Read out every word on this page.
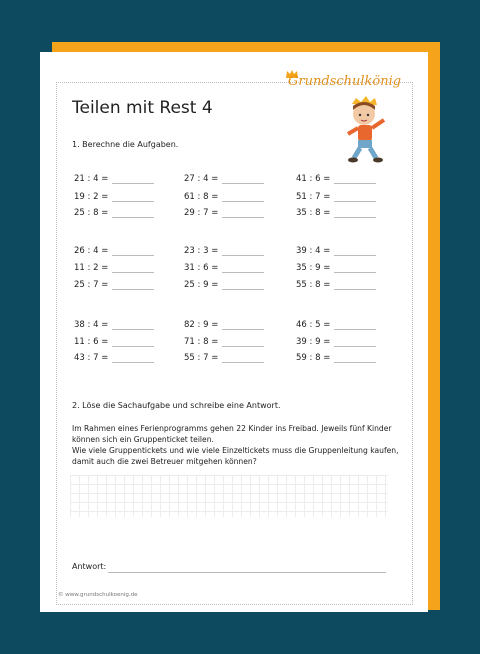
Grundschulkönig
Teilen mit Rest 4
1. Berechne die Aufgaben.
21 : 4 =	27 : 4 =	41 : 6 =
19 : 2 =	61 : 8 =	51 : 7 =
25 : 8 =	29 : 7 =	35 : 8 =
26 : 4 =	23 : 3 =	39 : 4 =
11 : 2 =	31 : 6 =	35 : 9 =
25 : 7 =	25 : 9 =	55 : 8 =
38 : 4 =	82 : 9 =	46 : 5 =
11 : 6 =	71 : 8 =	39 : 9 =
43 : 7 =	55 : 7 =	59 : 8 =
2. Löse die Sachaufgabe und schreibe eine Antwort.
Im Rahmen eines Ferienprogramms gehen 22 Kinder ins Freibad. Jeweils fünf Kinder
können sich ein Gruppenticket teilen.
Wie viele Gruppentickets und wie viele Einzeltickets muss die Gruppenleitung kaufen,
damit auch die zwei Betreuer mitgehen können?
Antwort:
© www.grundschulkoenig.de
